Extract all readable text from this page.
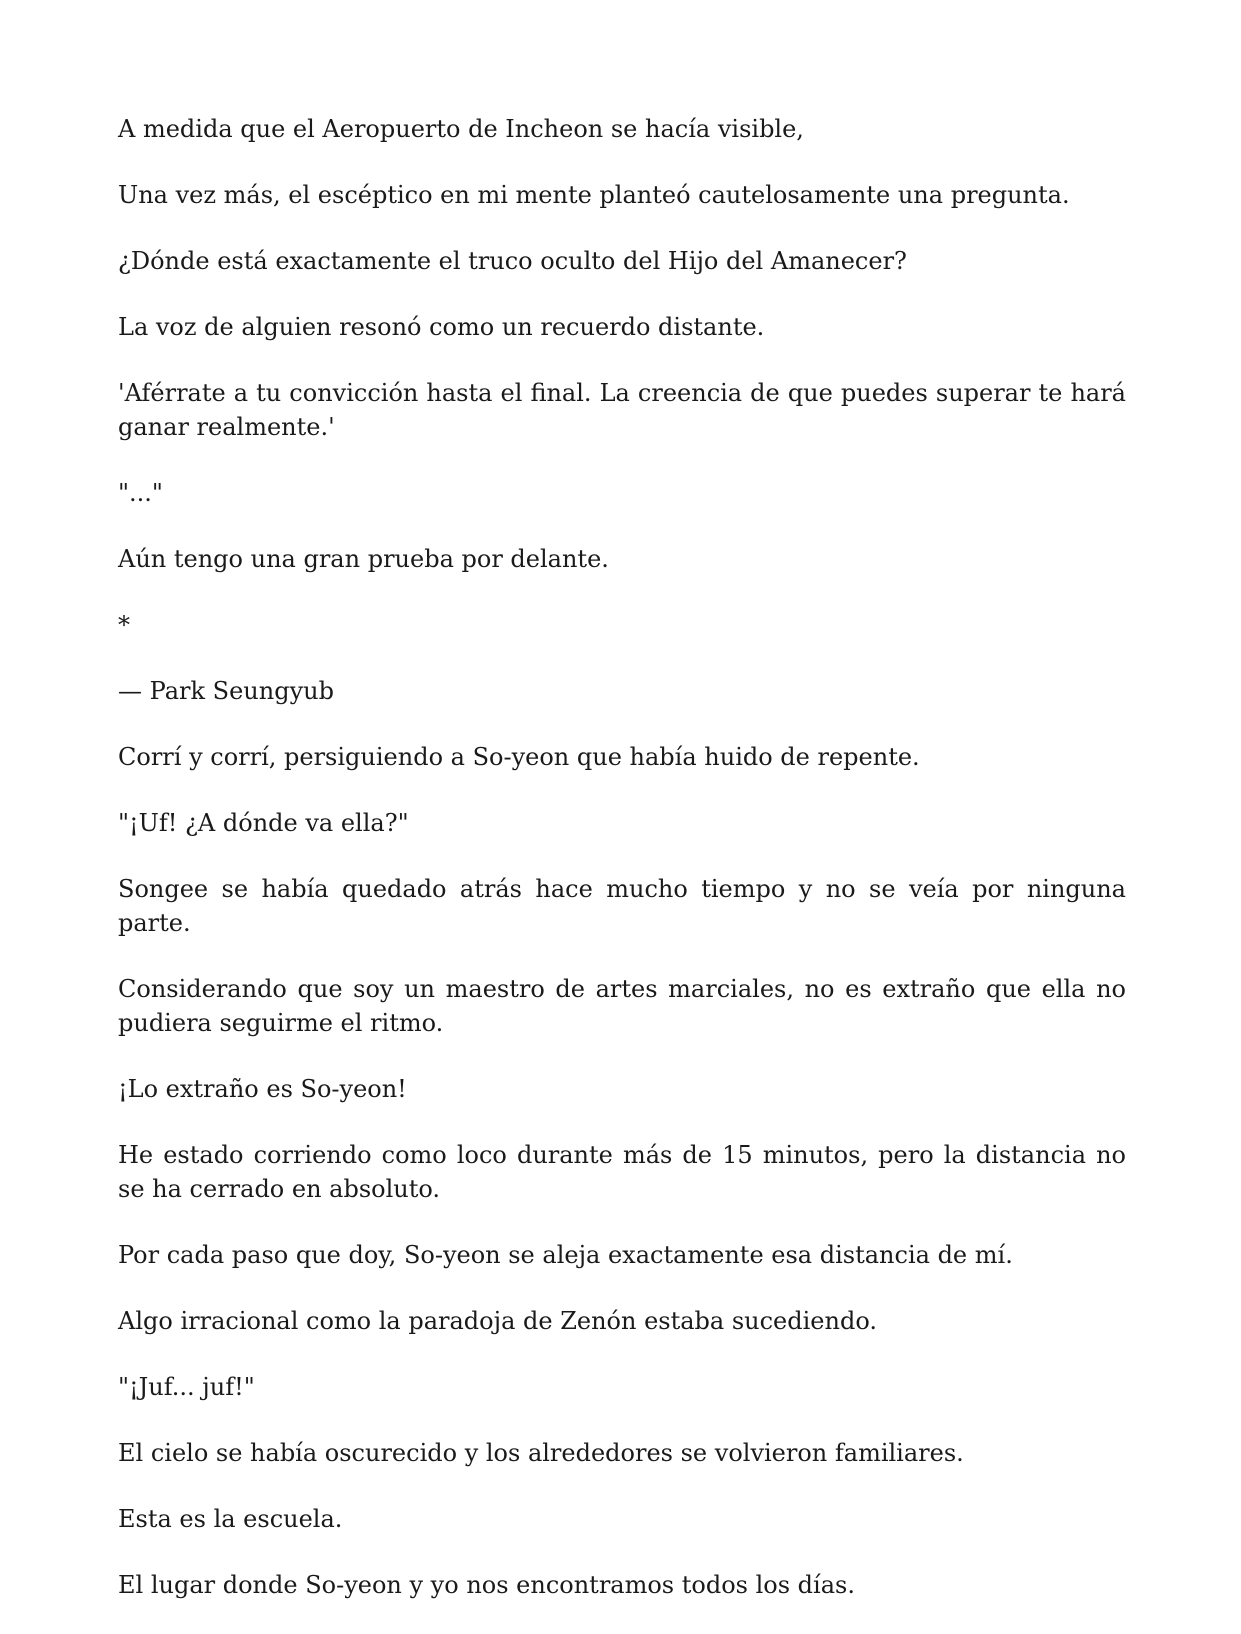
A medida que el Aeropuerto de Incheon se hacía visible,

Una vez más, el escéptico en mi mente planteó cautelosamente una pregunta.

¿Dónde está exactamente el truco oculto del Hijo del Amanecer?

La voz de alguien resonó como un recuerdo distante.

'Aférrate a tu convicción hasta el final. La creencia de que puedes superar te hará ganar realmente.'

"..."

Aún tengo una gran prueba por delante.

*

— Park Seungyub

Corrí y corrí, persiguiendo a So-yeon que había huido de repente.

"¡Uf! ¿A dónde va ella?"

Songee se había quedado atrás hace mucho tiempo y no se veía por ninguna parte.

Considerando que soy un maestro de artes marciales, no es extraño que ella no pudiera seguirme el ritmo.

¡Lo extraño es So-yeon!

He estado corriendo como loco durante más de 15 minutos, pero la distancia no se ha cerrado en absoluto.

Por cada paso que doy, So-yeon se aleja exactamente esa distancia de mí.

Algo irracional como la paradoja de Zenón estaba sucediendo.

"¡Juf... juf!"

El cielo se había oscurecido y los alrededores se volvieron familiares.

Esta es la escuela.

El lugar donde So-yeon y yo nos encontramos todos los días.
